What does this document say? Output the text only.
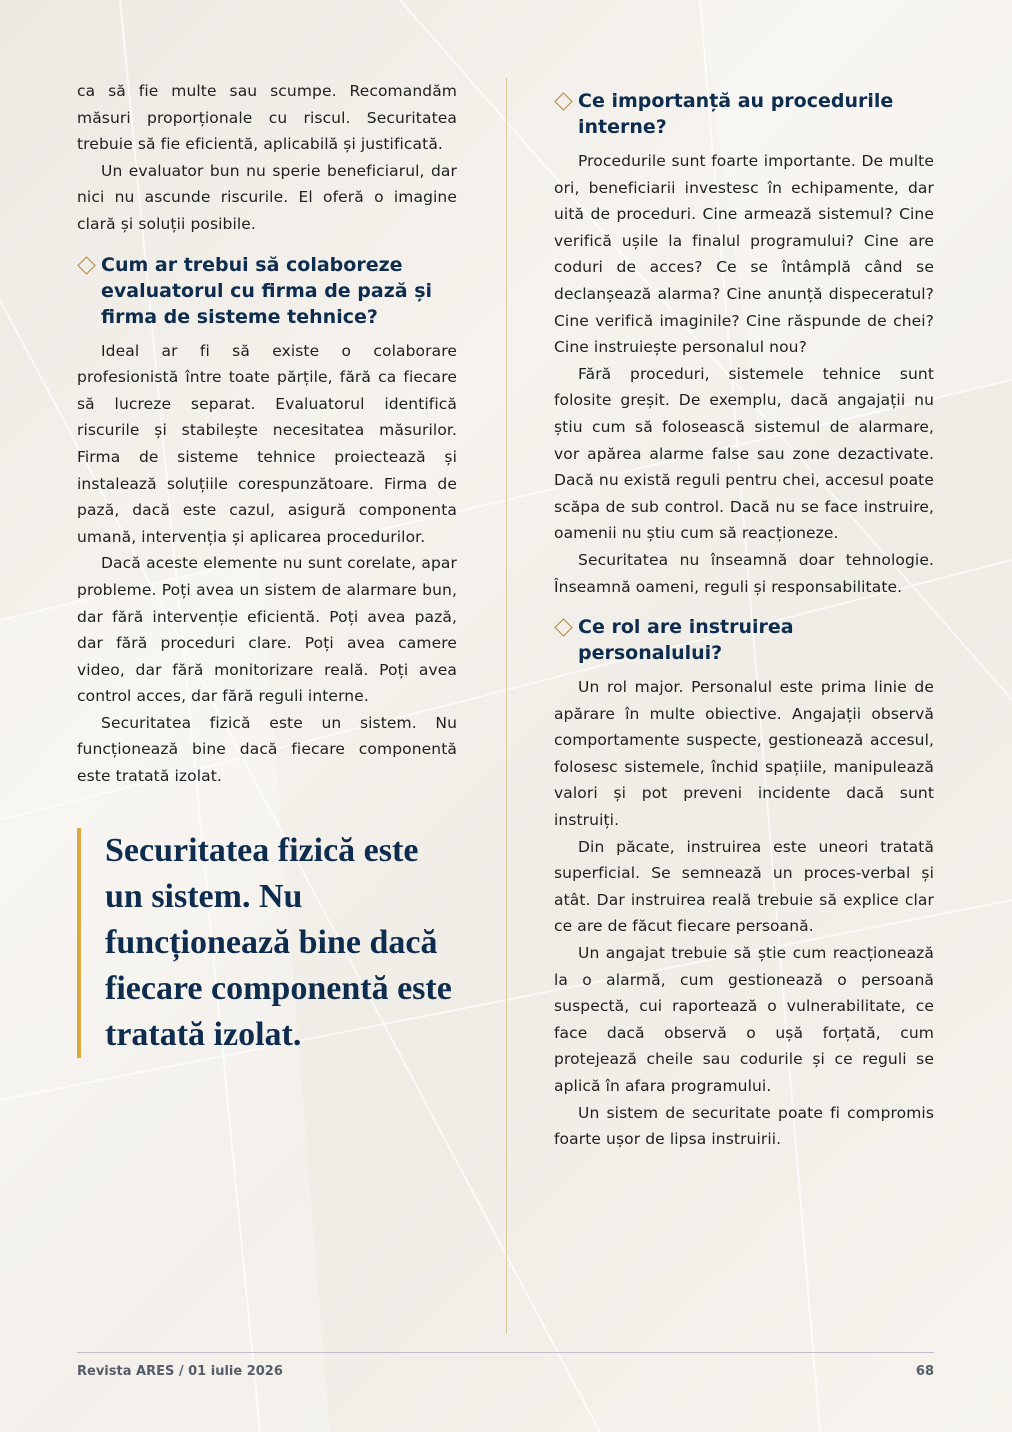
ca să fie multe sau scumpe. Recomandăm măsuri proporționale cu riscul. Securitatea trebuie să fie eficientă, aplicabilă și justificată.

Un evaluator bun nu sperie beneficiarul, dar nici nu ascunde riscurile. El oferă o imagine clară și soluții posibile.

Cum ar trebui să colaboreze evaluatorul cu firma de pază și firma de sisteme tehnice?

Ideal ar fi să existe o colaborare profesionistă între toate părțile, fără ca fiecare să lucreze separat. Evaluatorul identifică riscurile și stabilește necesitatea măsurilor. Firma de sisteme tehnice proiectează și instalează soluțiile corespunzătoare. Firma de pază, dacă este cazul, asigură componenta umană, intervenția și aplicarea procedurilor.

Dacă aceste elemente nu sunt corelate, apar probleme. Poți avea un sistem de alarmare bun, dar fără intervenție eficientă. Poți avea pază, dar fără proceduri clare. Poți avea camere video, dar fără monitorizare reală. Poți avea control acces, dar fără reguli interne.

Securitatea fizică este un sistem. Nu funcționează bine dacă fiecare componentă este tratată izolat.

Securitatea fizică este un sistem. Nu funcționează bine dacă fiecare componentă este tratată izolat.
Ce importanță au procedurile interne?

Procedurile sunt foarte importante. De multe ori, beneficiarii investesc în echipamente, dar uită de proceduri. Cine armează sistemul? Cine verifică ușile la finalul programului? Cine are coduri de acces? Ce se întâmplă când se declanșează alarma? Cine anunță dispeceratul? Cine verifică imaginile? Cine răspunde de chei? Cine instruiește personalul nou?

Fără proceduri, sistemele tehnice sunt folosite greșit. De exemplu, dacă angajații nu știu cum să folosească sistemul de alarmare, vor apărea alarme false sau zone dezactivate. Dacă nu există reguli pentru chei, accesul poate scăpa de sub control. Dacă nu se face instruire, oamenii nu știu cum să reacționeze.

Securitatea nu înseamnă doar tehnologie. Înseamnă oameni, reguli și responsabilitate.

Ce rol are instruirea personalului?

Un rol major. Personalul este prima linie de apărare în multe obiective. Angajații observă comportamente suspecte, gestionează accesul, folosesc sistemele, închid spațiile, manipulează valori și pot preveni incidente dacă sunt instruiți.

Din păcate, instruirea este uneori tratată superficial. Se semnează un proces-verbal și atât. Dar instruirea reală trebuie să explice clar ce are de făcut fiecare persoană.

Un angajat trebuie să știe cum reacționează la o alarmă, cum gestionează o persoană suspectă, cui raportează o vulnerabilitate, ce face dacă observă o ușă forțată, cum protejează cheile sau codurile și ce reguli se aplică în afara programului.

Un sistem de securitate poate fi compromis foarte ușor de lipsa instruirii.

Revista ARES / 01 iulie 2026	68
